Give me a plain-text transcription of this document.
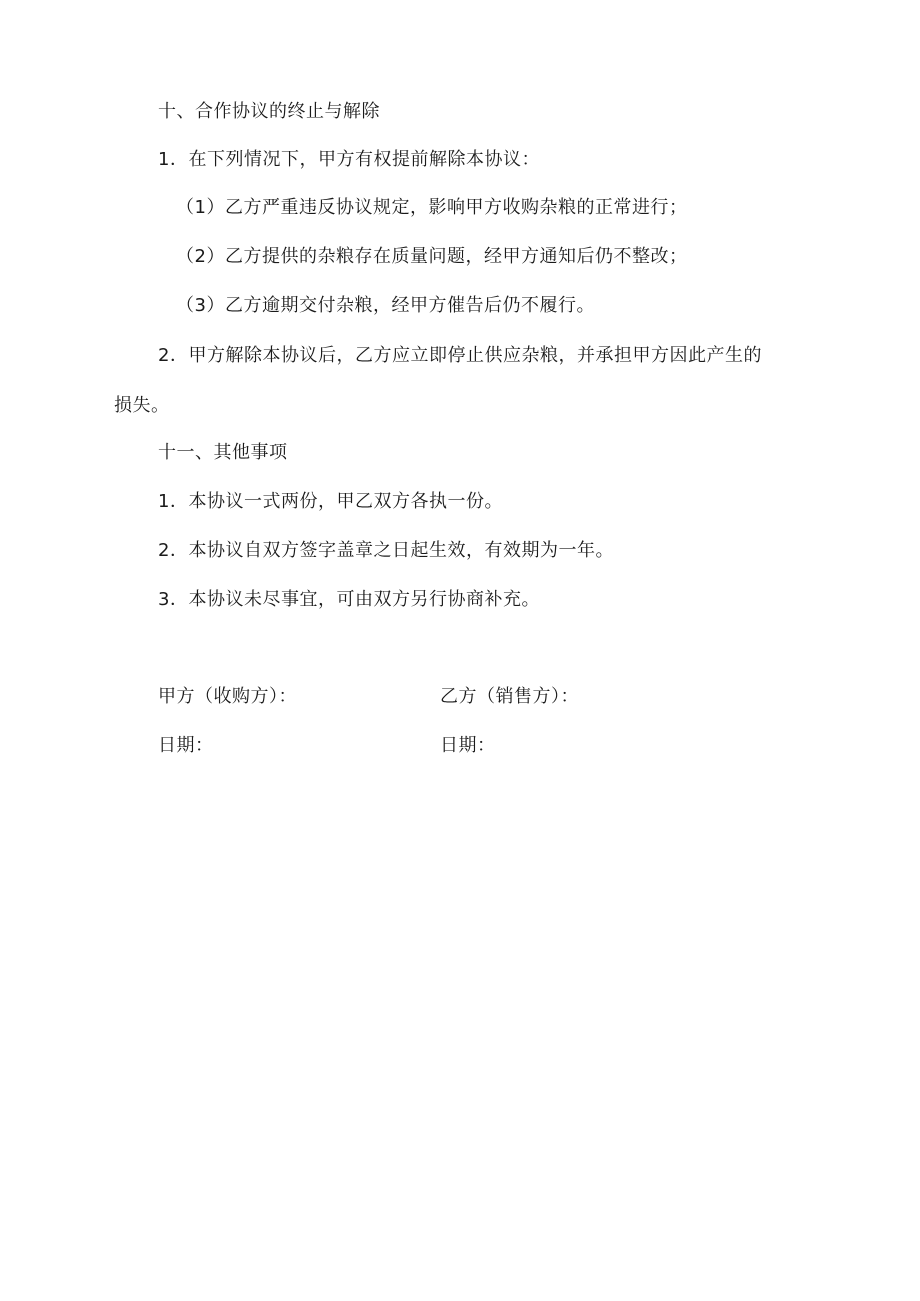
十、合作协议的终止与解除
1．在下列情况下，甲方有权提前解除本协议：
（1）乙方严重违反协议规定，影响甲方收购杂粮的正常进行；
（2）乙方提供的杂粮存在质量问题，经甲方通知后仍不整改；
（3）乙方逾期交付杂粮，经甲方催告后仍不履行。
2．甲方解除本协议后，乙方应立即停止供应杂粮，并承担甲方因此产生的
损失。
十一、其他事项
1．本协议一式两份，甲乙双方各执一份。
2．本协议自双方签字盖章之日起生效，有效期为一年。
3．本协议未尽事宜，可由双方另行协商补充。
甲方（收购方）：	乙方（销售方）：
日期：	日期：
